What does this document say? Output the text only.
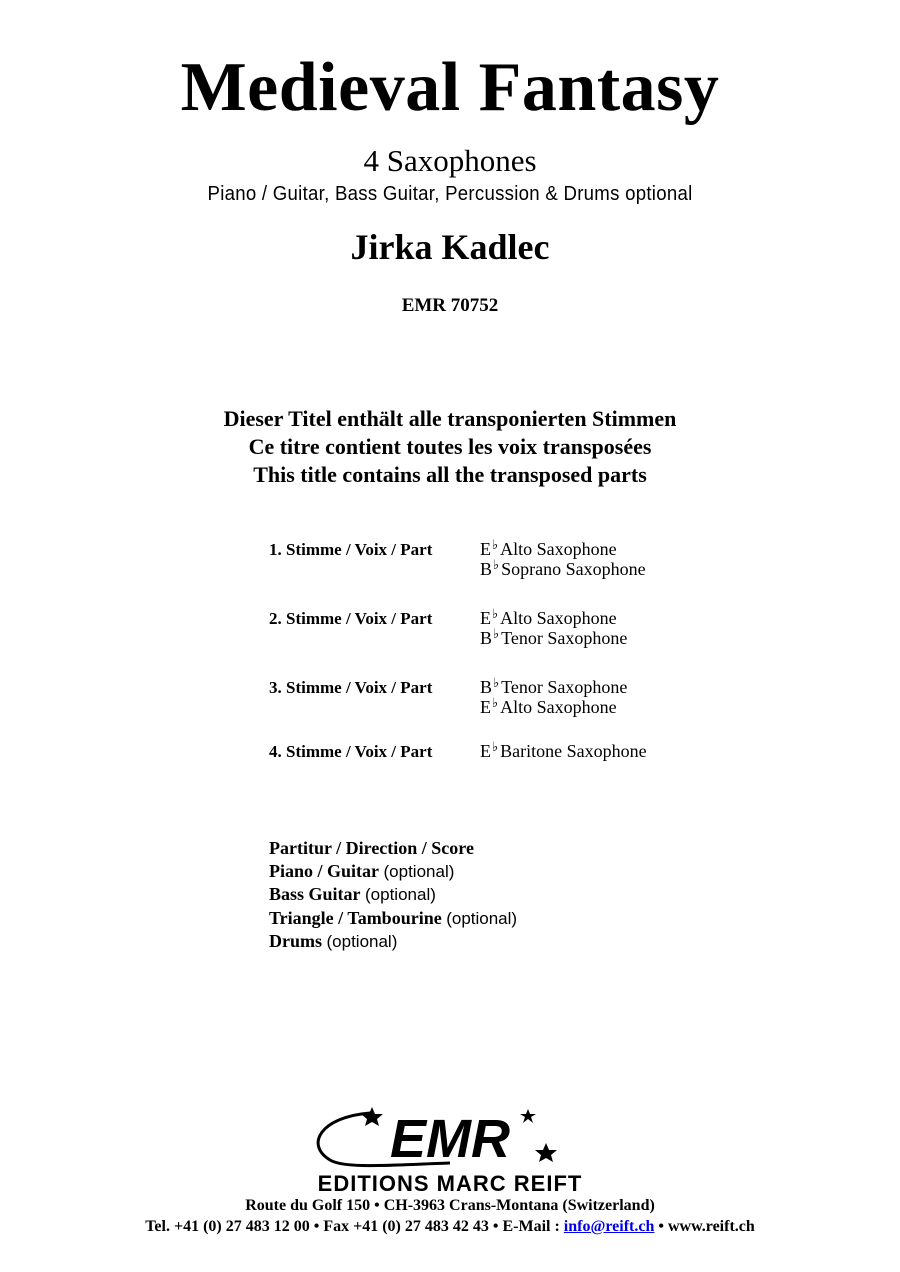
Medieval Fantasy
4 Saxophones
Piano / Guitar, Bass Guitar, Percussion & Drums optional
Jirka Kadlec
EMR 70752
Dieser Titel enthält alle transponierten Stimmen
Ce titre contient toutes les voix transposées
This title contains all the transposed parts
1. Stimme / Voix / Part	E♭ Alto Saxophone
B♭ Soprano Saxophone
2. Stimme / Voix / Part	E♭ Alto Saxophone
B♭ Tenor Saxophone
3. Stimme / Voix / Part	B♭ Tenor Saxophone
E♭ Alto Saxophone
4. Stimme / Voix / Part	E♭ Baritone Saxophone
Partitur / Direction / Score
Piano / Guitar (optional)
Bass Guitar (optional)
Triangle / Tambourine (optional)
Drums (optional)
EMR
EDITIONS MARC REIFT
Route du Golf 150 • CH-3963 Crans-Montana (Switzerland)
Tel. +41 (0) 27 483 12 00 • Fax +41 (0) 27 483 42 43 • E-Mail : info@reift.ch • www.reift.ch
